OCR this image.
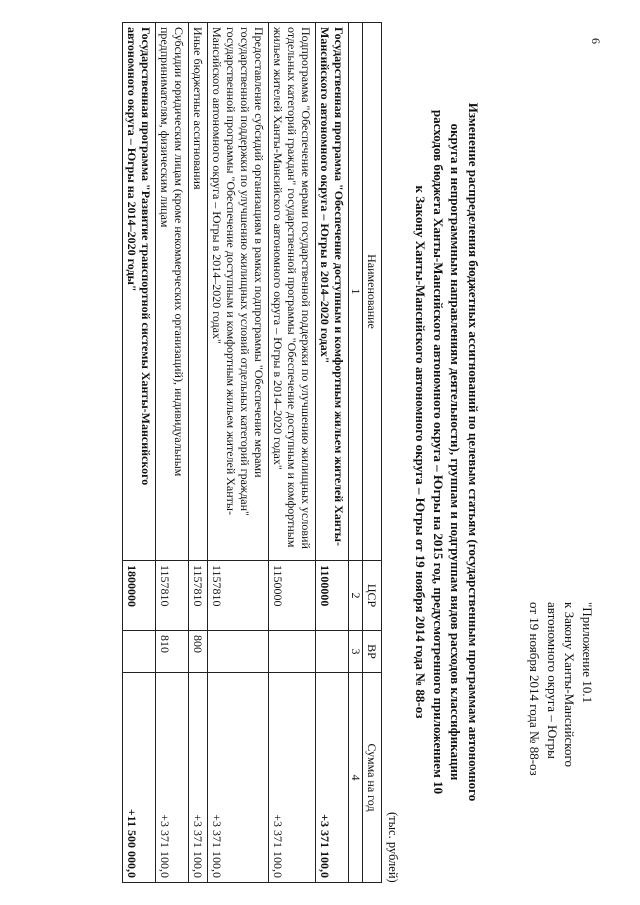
6
"Приложение 10.1
к Закону Ханты-Мансийского
автономного округа – Югры
от 19 ноября 2014 года № 88-оз
Изменение распределения бюджетных ассигнований по целевым статьям (государственным программам автономного
округа и непрограммным направлениям деятельности), группам и подгруппам видов расходов классификации
расходов бюджета Ханты-Мансийского автономного округа – Югры на 2015 год, предусмотренного приложением 10
к Закону Ханты-Мансийского автономного округа – Югры от 19 ноября 2014 года № 88-оз
(тыс. рублей)
Наименование	ЦСР	ВР	Сумма на год
1	2	3	4
Государственная программа "Обеспечение доступным и комфортным жильем жителей Ханты-Мансийского автономного округа – Югры в 2014–2020 годах"	1100000		+3 371 100,0
Подпрограмма "Обеспечение мерами государственной поддержки по улучшению жилищных условий отдельных категорий граждан" государственной программы "Обеспечение доступным и комфортным жильем жителей Ханты-Мансийского автономного округа – Югры в 2014–2020 годах"	1150000		+3 371 100,0
Предоставление субсидий организациям в рамках подпрограммы "Обеспечение мерами государственной поддержки по улучшению жилищных условий отдельных категорий граждан" государственной программы "Обеспечение доступным и комфортным жильем жителей Ханты-Мансийского автономного округа – Югры в 2014–2020 годах"	1157810		+3 371 100,0
Иные бюджетные ассигнования	1157810	800	+3 371 100,0
Субсидии юридическим лицам (кроме некоммерческих организаций), индивидуальным предпринимателям, физическим лицам	1157810	810	+3 371 100,0
Государственная программа "Развитие транспортной системы Ханты-Мансийского автономного округа – Югры на 2014–2020 годы"	1800000		+11 500 000,0
